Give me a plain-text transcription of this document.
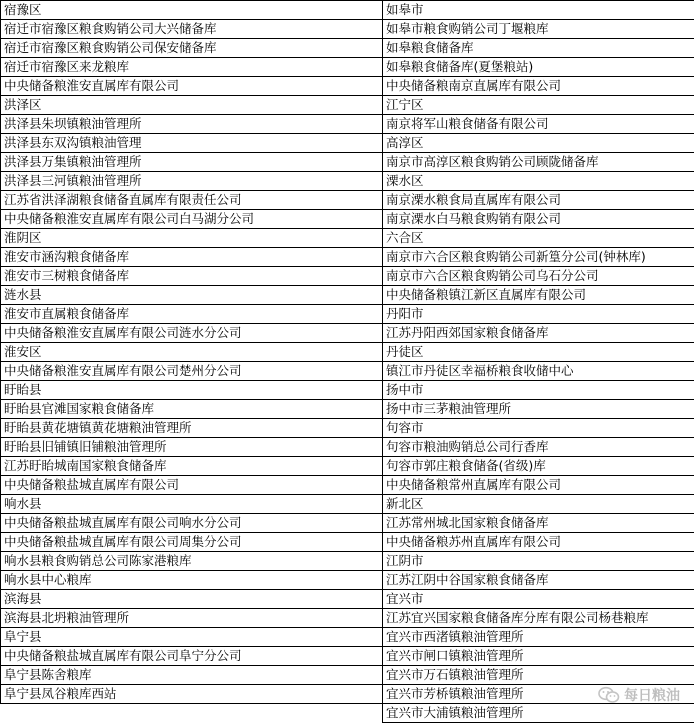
宿豫区	如皋市
宿迁市宿豫区粮食购销公司大兴储备库	如皋市粮食购销公司丁堰粮库
宿迁市宿豫区粮食购销公司保安储备库	如皋粮食储备库
宿迁市宿豫区来龙粮库	如皋粮食储备库(夏堡粮站)
中央储备粮淮安直属库有限公司	中央储备粮南京直属库有限公司
洪泽区	江宁区
洪泽县朱坝镇粮油管理所	南京将军山粮食储备有限公司
洪泽县东双沟镇粮油管理	高淳区
洪泽县万集镇粮油管理所	南京市高淳区粮食购销公司顾陇储备库
洪泽县三河镇粮油管理所	溧水区
江苏省洪泽湖粮食储备直属库有限责任公司	南京溧水粮食局直属库有限公司
中央储备粮淮安直属库有限公司白马湖分公司	南京溧水白马粮食购销有限公司
淮阴区	六合区
淮安市涵沟粮食储备库	南京市六合区粮食购销公司新篁分公司(钟林库)
淮安市三树粮食储备库	南京市六合区粮食购销公司乌石分公司
涟水县	中央储备粮镇江新区直属库有限公司
淮安市直属粮食储备库	丹阳市
中央储备粮淮安直属库有限公司涟水分公司	江苏丹阳西郊国家粮食储备库
淮安区	丹徒区
中央储备粮淮安直属库有限公司楚州分公司	镇江市丹徒区幸福桥粮食收储中心
盱眙县	扬中市
盱眙县官滩国家粮食储备库	扬中市三茅粮油管理所
盱眙县黄花塘镇黄花塘粮油管理所	句容市
盱眙县旧铺镇旧铺粮油管理所	句容市粮油购销总公司行香库
江苏盱眙城南国家粮食储备库	句容市郭庄粮食储备(省级)库
中央储备粮盐城直属库有限公司	中央储备粮常州直属库有限公司
响水县	新北区
中央储备粮盐城直属库有限公司响水分公司	江苏常州城北国家粮食储备库
中央储备粮盐城直属库有限公司周集分公司	中央储备粮苏州直属库有限公司
响水县粮食购销总公司陈家港粮库	江阴市
响水县中心粮库	江苏江阴中谷国家粮食储备库
滨海县	宜兴市
滨海县北坍粮油管理所	江苏宜兴国家粮食储备库分库有限公司杨巷粮库
阜宁县	宜兴市西渚镇粮油管理所
中央储备粮盐城直属库有限公司阜宁分公司	宜兴市闸口镇粮油管理所
阜宁县陈舍粮库	宜兴市万石镇粮油管理所
阜宁县凤谷粮库西站	宜兴市芳桥镇粮油管理所
	宜兴市大浦镇粮油管理所
每日粮油
